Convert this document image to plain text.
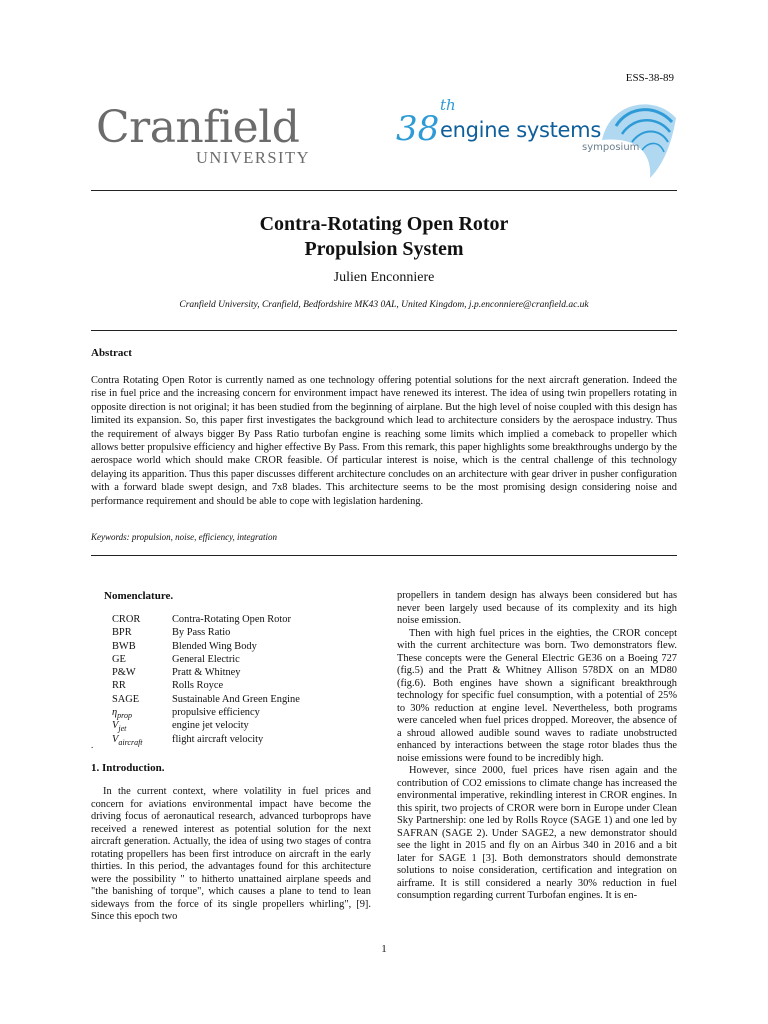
ESS-38-89
Cranfield
UNIVERSITY
38
th
engine systems
symposium
Contra-Rotating Open Rotor
Propulsion System
Julien Enconniere
Cranfield University, Cranfield, Bedfordshire MK43 0AL, United Kingdom, j.p.enconniere@cranfield.ac.uk
Abstract
Contra Rotating Open Rotor is currently named as one technology offering potential solutions for the next aircraft generation. Indeed the rise in fuel price and the increasing concern for environment impact have renewed its interest. The idea of using twin propellers rotating in opposite direction is not original; it has been studied from the beginning of airplane. But the high level of noise coupled with this design has limited its expansion. So, this paper first investigates the background which lead to architecture considers by the aerospace industry. Thus the requirement of always bigger By Pass Ratio turbofan engine is reaching some limits which implied a comeback to propeller which allows better propulsive efficiency and higher effective By Pass. From this remark, this paper highlights some breakthroughs undergo by the aerospace world which should make CROR feasible. Of particular interest is noise, which is the central challenge of this technology delaying its apparition. Thus this paper discusses different architecture concludes on an architecture with gear driver in pusher configuration with a forward blade swept design, and 7x8 blades. This architecture seems to be the most promising design considering noise and performance requirement and should be able to cope with legislation hardening.
Keywords: propulsion, noise, efficiency, integration
Nomenclature.
CROR	Contra-Rotating Open Rotor
BPR	By Pass Ratio
BWB	Blended Wing Body
GE	General Electric
P&W	Pratt & Whitney
RR	Rolls Royce
SAGE	Sustainable And Green Engine
$\eta_{prop}$	propulsive efficiency
$V_{jet}$	engine jet velocity
$V_{aircraft}$	flight aircraft velocity
.
1. Introduction.

In the current context, where volatility in fuel prices and concern for aviations environmental impact have become the driving focus of aeronautical research, advanced turboprops have received a renewed interest as potential solution for the next aircraft generation. Actually, the idea of using two stages of contra rotating propellers has been first introduce on aircraft in the early thirties. In this period, the advantages found for this architecture were the possibility " to hitherto unattained airplane speeds and "the banishing of torque", which causes a plane to tend to lean sideways from the force of its single propellers whirling", [9]. Since this epoch two

propellers in tandem design has always been considered but has never been largely used because of its complexity and its high noise emission.

Then with high fuel prices in the eighties, the CROR concept with the current architecture was born. Two demonstrators flew. These concepts were the General Electric GE36 on a Boeing 727 (fig.5) and the Pratt & Whitney Allison 578DX on an MD80 (fig.6). Both engines have shown a significant breakthrough technology for specific fuel consumption, with a potential of 25% to 30% reduction at engine level. Nevertheless, both programs were canceled when fuel prices dropped. Moreover, the absence of a shroud allowed audible sound waves to radiate unobstructed enhanced by interactions between the stage rotor blades thus the noise emissions were found to be incredibly high.

However, since 2000, fuel prices have risen again and the contribution of CO2 emissions to climate change has increased the environmental imperative, rekindling interest in CROR engines. In this spirit, two projects of CROR were born in Europe under Clean Sky Partnership: one led by Rolls Royce (SAGE 1) and one led by SAFRAN (SAGE 2). Under SAGE2, a new demonstrator should see the light in 2015 and fly on an Airbus 340 in 2016 and a bit later for SAGE 1 [3]. Both demonstrators should demonstrate solutions to noise consideration, certification and integration on airframe. It is still considered a nearly 30% reduction in fuel consumption regarding current Turbofan engines. It is en-

1
